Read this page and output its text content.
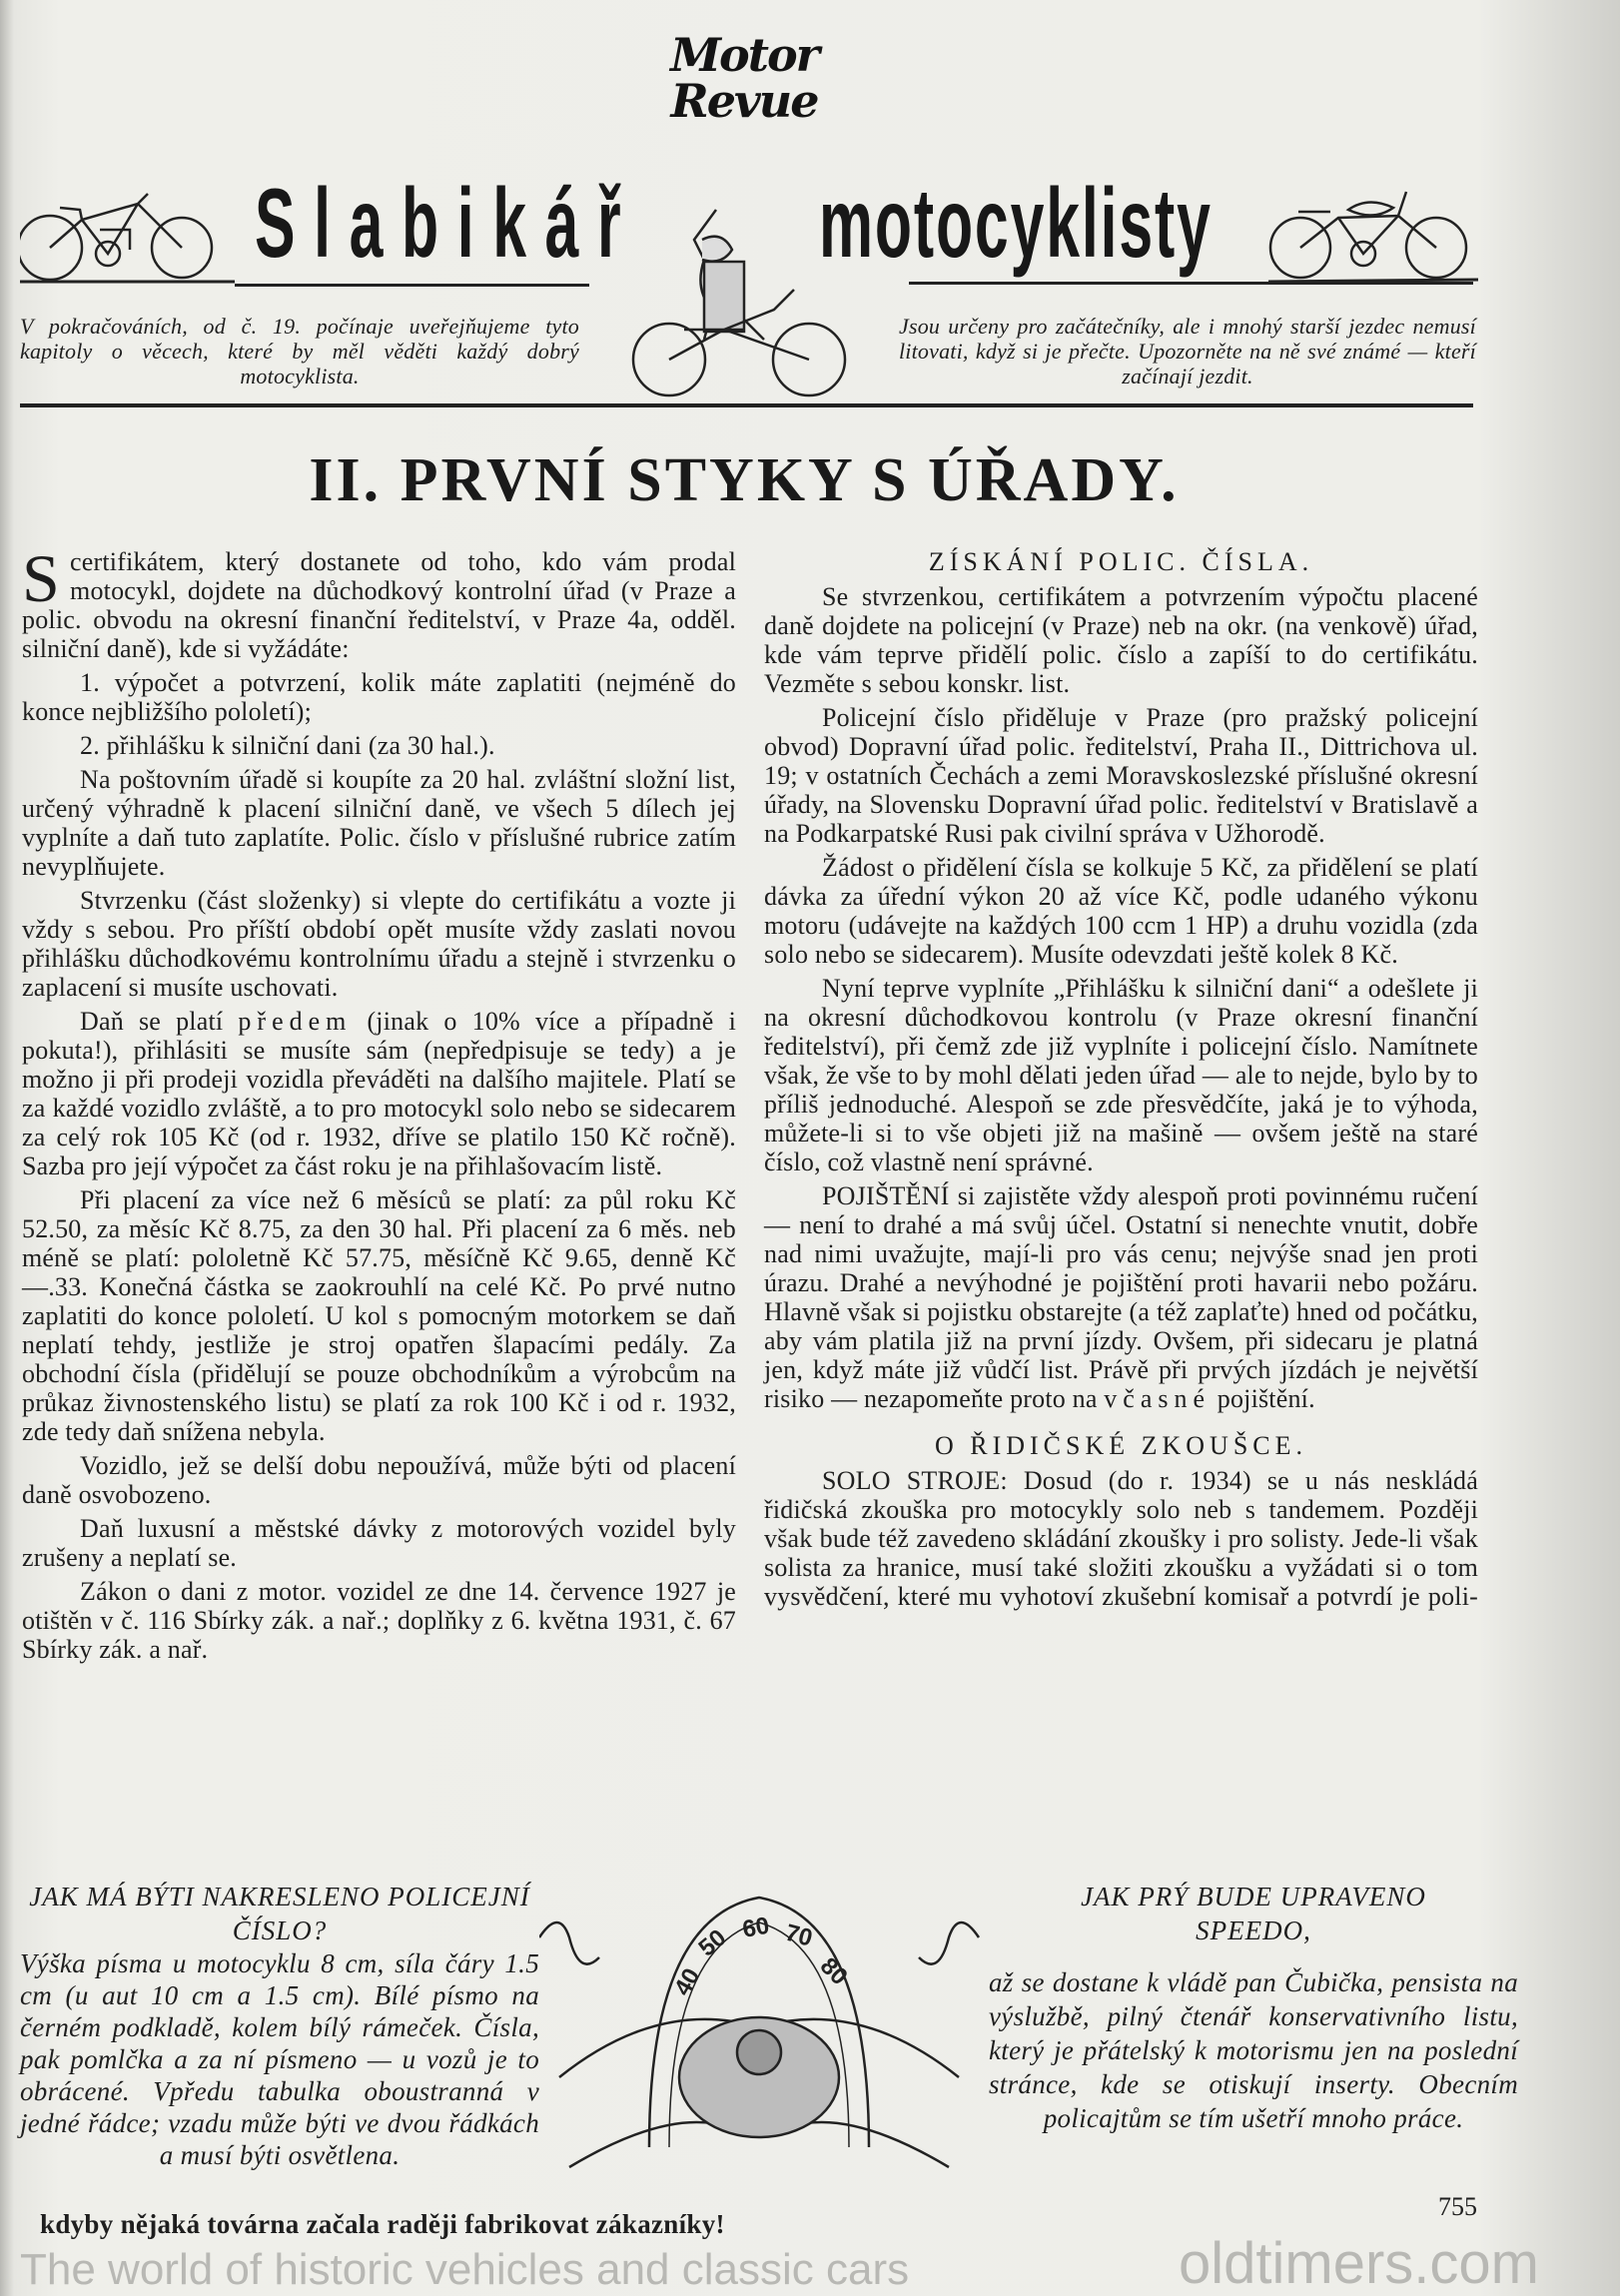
Motor
Revue
Slabikář motocyklisty
V pokračováních, od č. 19. počínaje uveřejňujeme tyto kapitoly o věcech, které by měl věděti každý dobrý motocyklista.
Jsou určeny pro začátečníky, ale i mnohý starší jezdec nemusí litovati, když si je přečte. Upozorněte na ně své známé — kteří začínají jezdit.
II. PRVNÍ STYKY S ÚŘADY.

Scertifikátem, který dostanete od toho, kdo vám prodal motocykl, dojdete na důchodkový kontrolní úřad (v Praze a polic. obvodu na okresní finanční ředitelství, v Praze 4a, odděl. silniční daně), kde si vyžádáte:

1. výpočet a potvrzení, kolik máte zaplatiti (nejméně do konce nejbližšího pololetí);

2. přihlášku k silniční dani (za 30 hal.).

Na poštovním úřadě si koupíte za 20 hal. zvláštní složní list, určený výhradně k placení silniční daně, ve všech 5 dílech jej vyplníte a daň tuto zaplatíte. Polic. číslo v příslušné rubrice zatím nevyplňujete.

Stvrzenku (část složenky) si vlepte do certifikátu a vozte ji vždy s sebou. Pro příští období opět musíte vždy zaslati novou přihlášku důchodkovému kontrolnímu úřadu a stejně i stvrzenku o zaplacení si musíte uschovati.

Daň se platí předem (jinak o 10% více a případně i pokuta!), přihlásiti se musíte sám (nepředpisuje se tedy) a je možno ji při prodeji vozidla převáděti na dalšího majitele. Platí se za každé vozidlo zvláště, a to pro motocykl solo nebo se sidecarem za celý rok 105 Kč (od r. 1932, dříve se platilo 150 Kč ročně). Sazba pro její výpočet za část roku je na přihlašovacím listě.

Při placení za více než 6 měsíců se platí: za půl roku Kč 52.50, za měsíc Kč 8.75, za den 30 hal. Při placení za 6 měs. neb méně se platí: pololetně Kč 57.75, měsíčně Kč 9.65, denně Kč —.33. Konečná částka se zaokrouhlí na celé Kč. Po prvé nutno zaplatiti do konce pololetí. U kol s pomocným motorkem se daň neplatí tehdy, jestliže je stroj opatřen šlapacími pedály. Za obchodní čísla (přidělují se pouze obchodníkům a výrobcům na průkaz živnostenského listu) se platí za rok 100 Kč i od r. 1932, zde tedy daň snížena nebyla.

Vozidlo, jež se delší dobu nepoužívá, může býti od placení daně osvobozeno.

Daň luxusní a městské dávky z motorových vozidel byly zrušeny a neplatí se.

Zákon o dani z motor. vozidel ze dne 14. července 1927 je otištěn v č. 116 Sbírky zák. a nař.; doplňky z 6. května 1931, č. 67 Sbírky zák. a nař.

ZÍSKÁNÍ POLIC. ČÍSLA.

Se stvrzenkou, certifikátem a potvrzením výpočtu placené daně dojdete na policejní (v Praze) neb na okr. (na venkově) úřad, kde vám teprve přidělí polic. číslo a zapíší to do certifikátu. Vezměte s sebou konskr. list.

Policejní číslo přiděluje v Praze (pro pražský policejní obvod) Dopravní úřad polic. ředitelství, Praha II., Dittrichova ul. 19; v ostatních Čechách a zemi Moravskoslezské příslušné okresní úřady, na Slovensku Dopravní úřad polic. ředitelství v Bratislavě a na Podkarpatské Rusi pak civilní správa v Užhorodě.

Žádost o přidělení čísla se kolkuje 5 Kč, za přidělení se platí dávka za úřední výkon 20 až více Kč, podle udaného výkonu motoru (udávejte na každých 100 ccm 1 HP) a druhu vozidla (zda solo nebo se sidecarem). Musíte odevzdati ještě kolek 8 Kč.

Nyní teprve vyplníte „Přihlášku k silniční dani“ a odešlete ji na okresní důchodkovou kontrolu (v Praze okresní finanční ředitelství), při čemž zde již vyplníte i policejní číslo. Namítnete však, že vše to by mohl dělati jeden úřad — ale to nejde, bylo by to příliš jednoduché. Alespoň se zde přesvědčíte, jaká je to výhoda, můžete-li si to vše objeti již na mašině — ovšem ještě na staré číslo, což vlastně není správné.

POJIŠTĚNÍ si zajistěte vždy alespoň proti povinnému ručení — není to drahé a má svůj účel. Ostatní si nenechte vnutit, dobře nad nimi uvažujte, mají-li pro vás cenu; nejvýše snad jen proti úrazu. Drahé a nevýhodné je pojištění proti havarii nebo požáru. Hlavně však si pojistku obstarejte (a též zaplaťte) hned od počátku, aby vám platila již na první jízdy. Ovšem, při sidecaru je platná jen, když máte již vůdčí list. Právě při prvých jízdách je největší risiko — nezapomeňte proto na včasné pojištění.

O ŘIDIČSKÉ ZKOUŠCE.

SOLO STROJE: Dosud (do r. 1934) se u nás neskládá řidičská zkouška pro motocykly solo neb s tandemem. Později však bude též zavedeno skládání zkoušky i pro solisty. Jede-li však solista za hranice, musí také složiti zkoušku a vyžádati si o tom vysvědčení, které mu vyhotoví zkušební komisař a potvrdí je poli-

JAK MÁ BÝTI NAKRESLENO POLICEJNÍ ČÍSLO?

Výška písma u motocyklu 8 cm, síla čáry 1.5 cm (u aut 10 cm a 1.5 cm). Bílé písmo na černém podkladě, kolem bílý rámeček. Čísla, pak pomlčka a za ní písmeno — u vozů je to obrácené. Vpředu tabulka oboustranná v jedné řádce; vzadu může býti ve dvou řádkách a musí býti osvětlena.

40
50 60 70
80
JAK PRÝ BUDE UPRAVENO SPEEDO,

až se dostane k vládě pan Čubička, pensista na výslužbě, pilný čtenář konservativního listu, který je přátelský k motorismu jen na poslední stránce, kde se otiskují inserty. Obecním policajtům se tím ušetří mnoho práce.

kdyby nějaká továrna začala raději fabrikovat zákazníky!
755
The world of historic vehicles and classic cars	oldtimers.com
